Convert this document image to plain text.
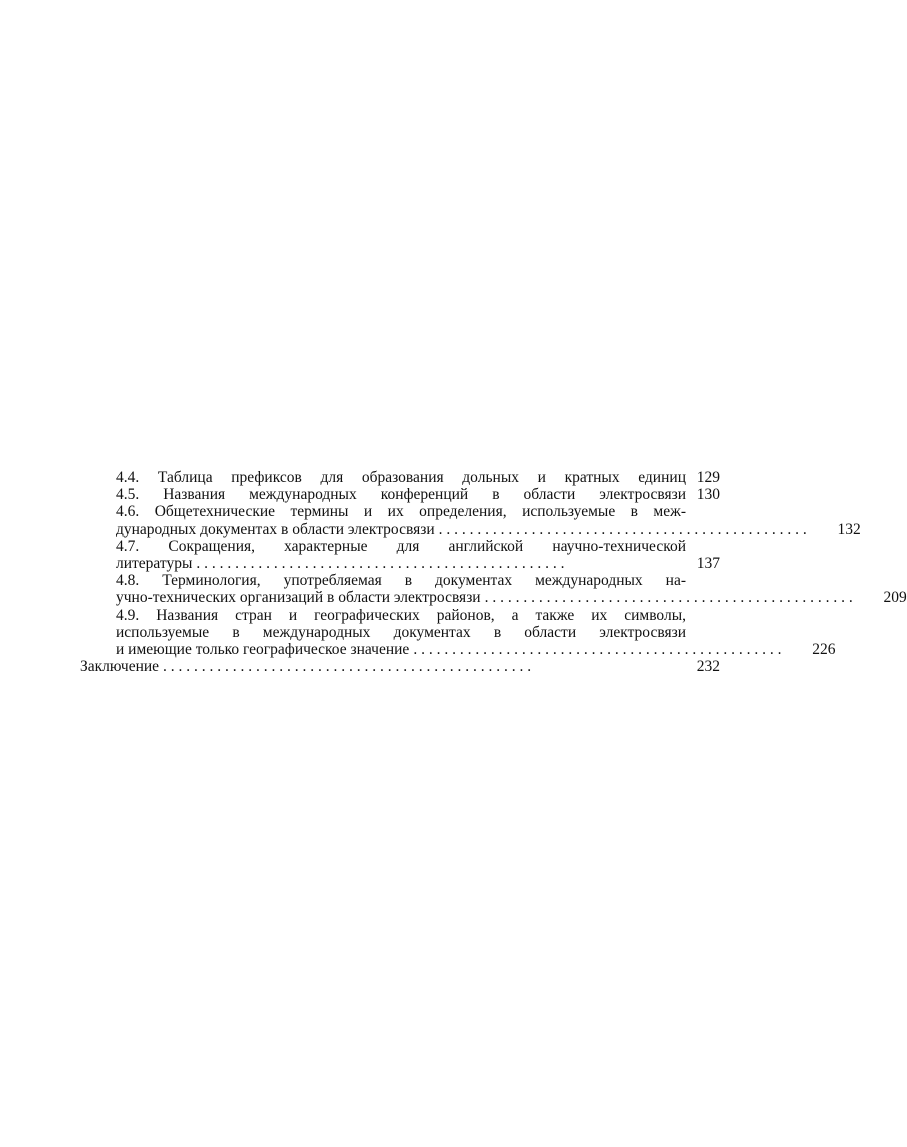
4.4. Таблица префиксов для образования дольных и кратных единиц 129
4.5. Названия международных конференций в области электросвязи 130
4.6. Общетехнические термины и их определения, используемые в меж-
дународных документах в области электросвязи . . . . . . . . . . . . . . . . . . . . . . . . . . . . . . . . . . . . . . . . . . . . . . . .	132
4.7. Сокращения, характерные для английской научно-технической
литературы . . . . . . . . . . . . . . . . . . . . . . . . . . . . . . . . . . . . . . . . . . . . . . . .	137
4.8. Терминология, употребляемая в документах международных на-
учно-технических организаций в области электросвязи . . . . . . . . . . . . . . . . . . . . . . . . . . . . . . . . . . . . . . . . . . . . . . . .	209
4.9. Названия стран и географических районов, а также их символы,
используемые в международных документах в области электросвязи
и имеющие только географическое значение . . . . . . . . . . . . . . . . . . . . . . . . . . . . . . . . . . . . . . . . . . . . . . . .	226
Заключение . . . . . . . . . . . . . . . . . . . . . . . . . . . . . . . . . . . . . . . . . . . . . . . .	232
